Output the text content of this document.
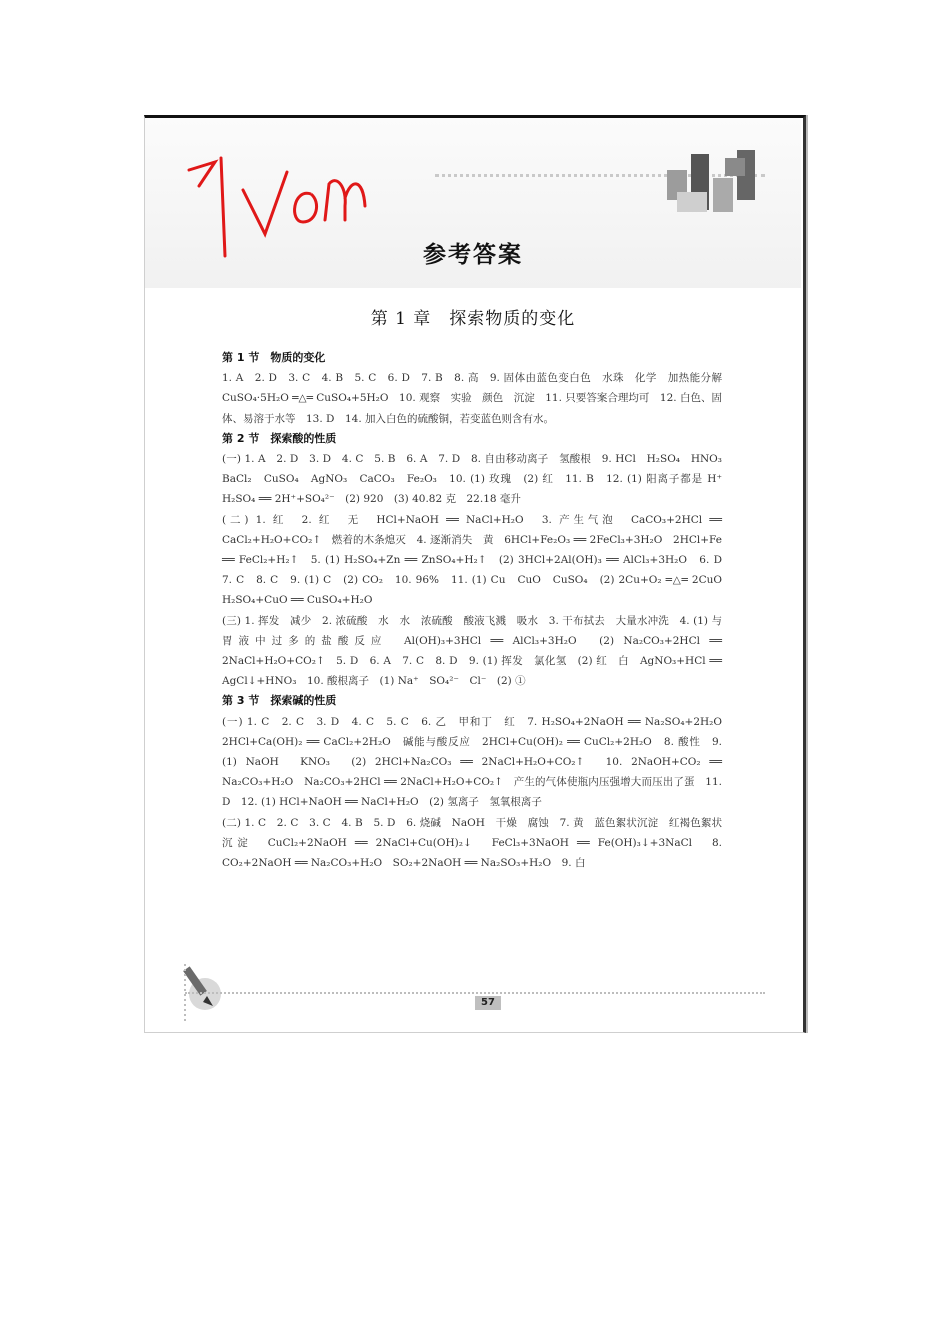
参考答案
第 1 章　探索物质的变化
第 1 节　物质的变化

1. A　2. D　3. C　4. B　5. C　6. D　7. B　8. 高　9. 固体由蓝色变白色　水珠　化学　加热能分解　CuSO₄·5H₂O ═△═ CuSO₄+5H₂O　10. 观察　实验　颜色　沉淀　11. 只要答案合理均可　12. 白色、固体、易溶于水等　13. D　14. 加入白色的硫酸铜，若变蓝色则含有水。

第 2 节　探索酸的性质

(一) 1. A　2. D　3. D　4. C　5. B　6. A　7. D　8. 自由移动离子　氢酸根　9. HCl　H₂SO₄　HNO₃　BaCl₂　CuSO₄　AgNO₃　CaCO₃　Fe₂O₃　10. (1) 玫瑰　(2) 红　11. B　12. (1) 阳离子都是 H⁺　H₂SO₄ ══ 2H⁺+SO₄²⁻　(2) 920　(3) 40.82 克　22.18 毫升

(二) 1. 红　2. 红　无　HCl+NaOH ══ NaCl+H₂O　3. 产生气泡　CaCO₃+2HCl ══ CaCl₂+H₂O+CO₂↑　燃着的木条熄灭　4. 逐渐消失　黄　6HCl+Fe₂O₃ ══ 2FeCl₃+3H₂O　2HCl+Fe ══ FeCl₂+H₂↑　5. (1) H₂SO₄+Zn ══ ZnSO₄+H₂↑　(2) 3HCl+2Al(OH)₃ ══ AlCl₃+3H₂O　6. D　7. C　8. C　9. (1) C　(2) CO₂　10. 96%　11. (1) Cu　CuO　CuSO₄　(2) 2Cu+O₂ ═△═ 2CuO　H₂SO₄+CuO ══ CuSO₄+H₂O

(三) 1. 挥发　减少　2. 浓硫酸　水　水　浓硫酸　酸液飞溅　吸水　3. 干布拭去　大量水冲洗　4. (1) 与胃液中过多的盐酸反应　Al(OH)₃+3HCl ══ AlCl₃+3H₂O　(2) Na₂CO₃+2HCl ══ 2NaCl+H₂O+CO₂↑　5. D　6. A　7. C　8. D　9. (1) 挥发　氯化氢　(2) 红　白　AgNO₃+HCl ══ AgCl↓+HNO₃　10. 酸根离子　(1) Na⁺　SO₄²⁻　Cl⁻　(2) ①

第 3 节　探索碱的性质

(一) 1. C　2. C　3. D　4. C　5. C　6. 乙　甲和丁　红　7. H₂SO₄+2NaOH ══ Na₂SO₄+2H₂O　2HCl+Ca(OH)₂ ══ CaCl₂+2H₂O　碱能与酸反应　2HCl+Cu(OH)₂ ══ CuCl₂+2H₂O　8. 酸性　9. (1) NaOH　KNO₃　(2) 2HCl+Na₂CO₃ ══ 2NaCl+H₂O+CO₂↑　10. 2NaOH+CO₂ ══ Na₂CO₃+H₂O　Na₂CO₃+2HCl ══ 2NaCl+H₂O+CO₂↑　产生的气体使瓶内压强增大而压出了蛋　11. D　12. (1) HCl+NaOH ══ NaCl+H₂O　(2) 氢离子　氢氧根离子

(二) 1. C　2. C　3. C　4. B　5. D　6. 烧碱　NaOH　干燥　腐蚀　7. 黄　蓝色絮状沉淀　红褐色絮状沉淀　CuCl₂+2NaOH ══ 2NaCl+Cu(OH)₂↓　FeCl₃+3NaOH ══ Fe(OH)₃↓+3NaCl　8. CO₂+2NaOH ══ Na₂CO₃+H₂O　SO₂+2NaOH ══ Na₂SO₃+H₂O　9. 白

57
